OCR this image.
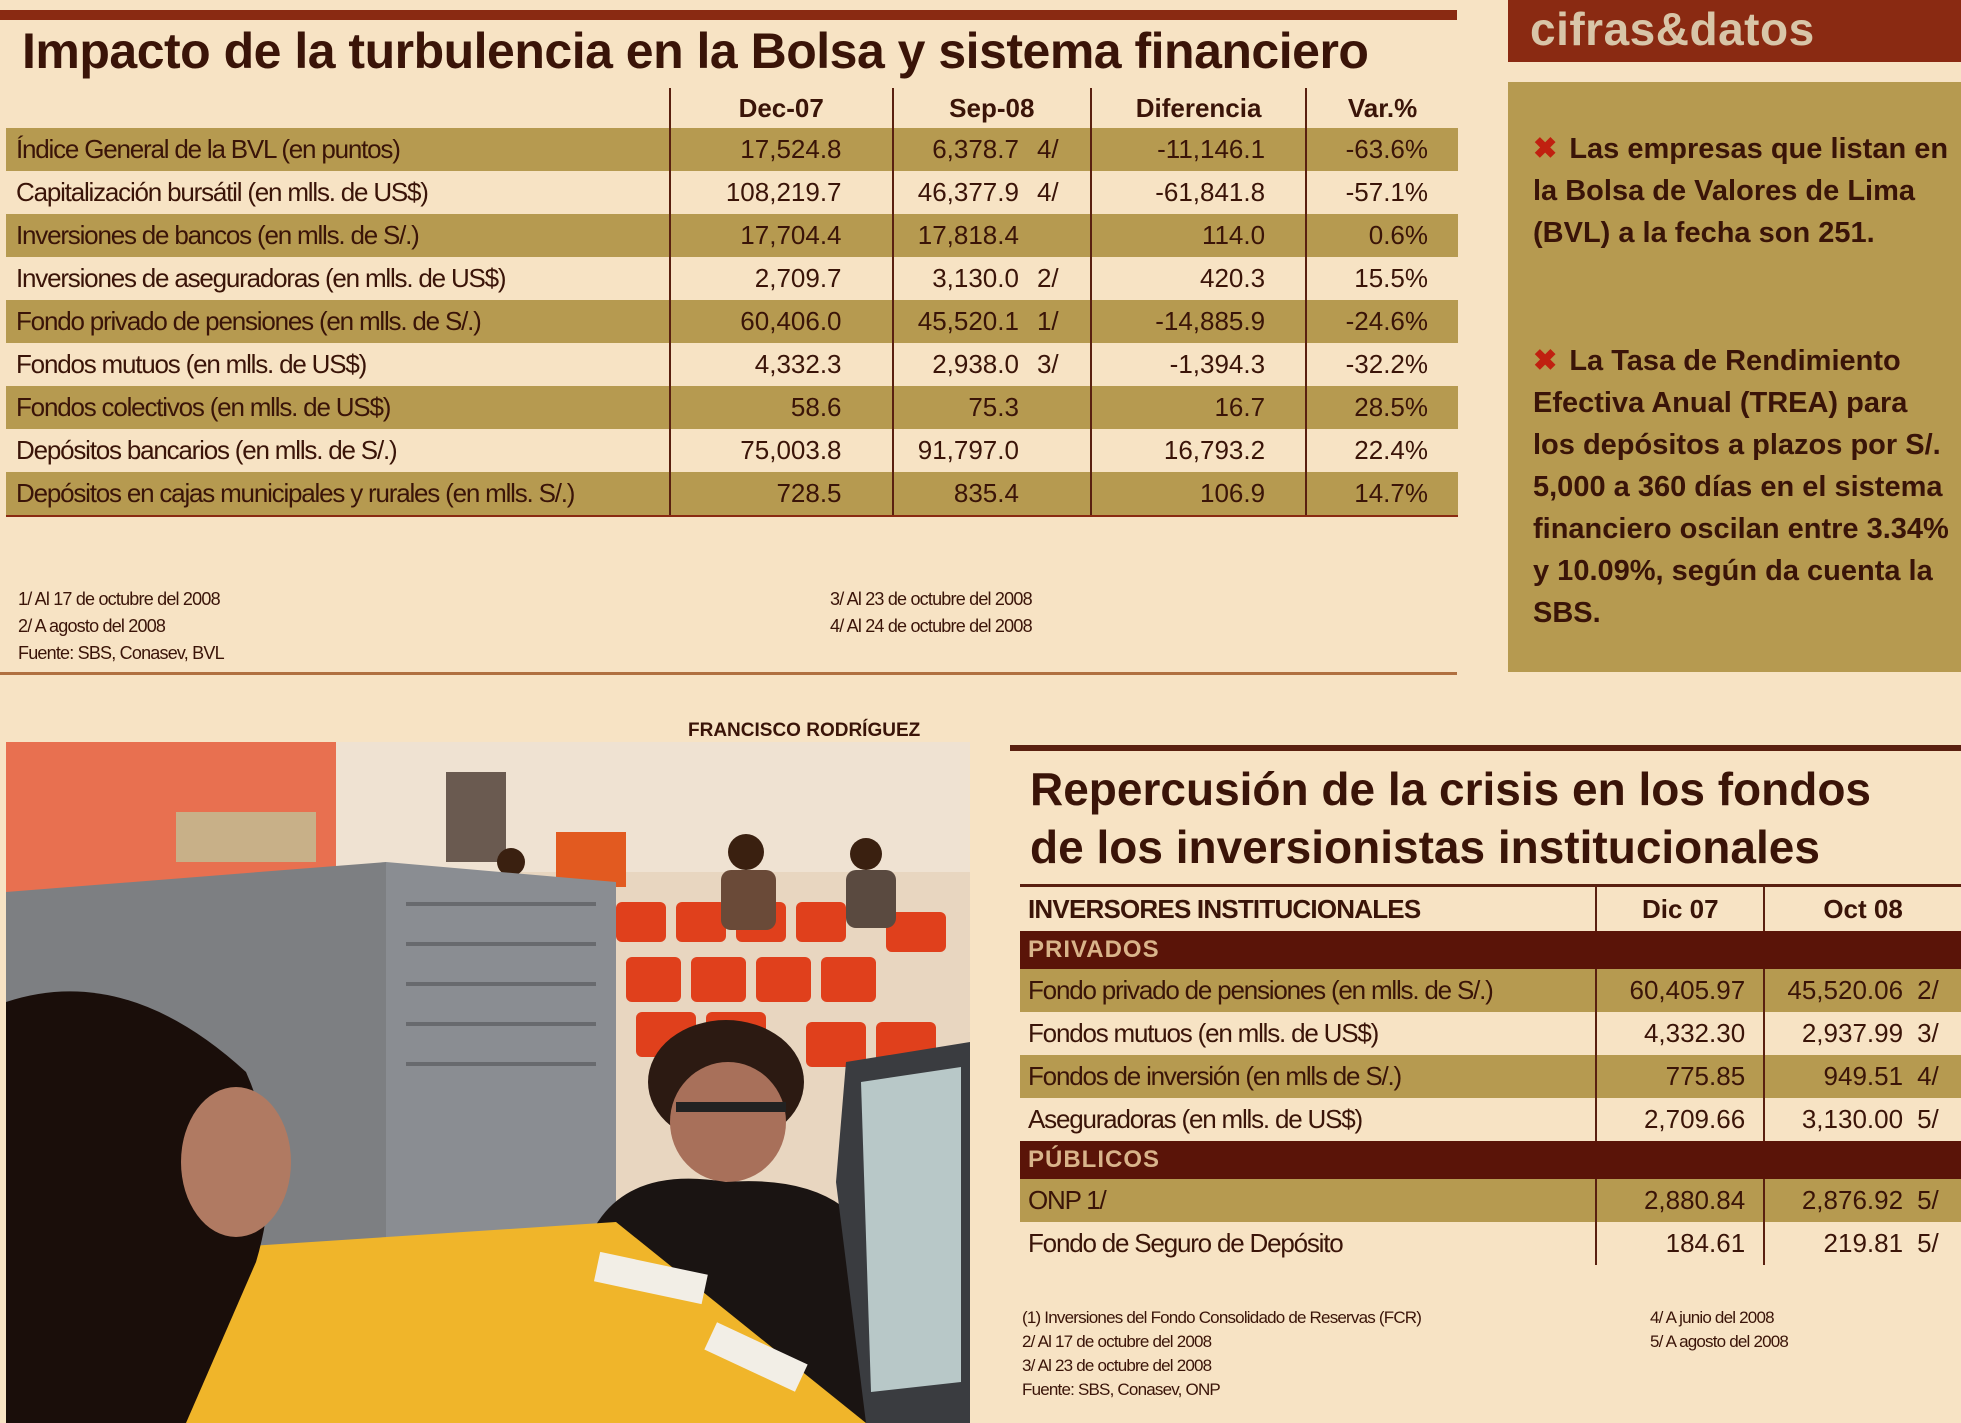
Impacto de la turbulencia en la Bolsa y sistema financiero
	Dec-07	Sep-08		Diferencia	Var.%
Índice General de la BVL (en puntos)	17,524.8	6,378.7	4/	-11,146.1	-63.6%
Capitalización bursátil (en mlls. de US$)	108,219.7	46,377.9	4/	-61,841.8	-57.1%
Inversiones de bancos (en mlls. de S/.)	17,704.4	17,818.4		114.0	0.6%
Inversiones de aseguradoras (en mlls. de US$)	2,709.7	3,130.0	2/	420.3	15.5%
Fondo privado de pensiones (en mlls. de S/.)	60,406.0	45,520.1	1/	-14,885.9	-24.6%
Fondos mutuos (en mlls. de US$)	4,332.3	2,938.0	3/	-1,394.3	-32.2%
Fondos colectivos (en mlls. de US$)	58.6	75.3		16.7	28.5%
Depósitos bancarios (en mlls. de S/.)	75,003.8	91,797.0		16,793.2	22.4%
Depósitos en cajas municipales y rurales (en mlls. S/.)	728.5	835.4		106.9	14.7%
1/ Al 17 de octubre del 2008
2/ A agosto del 2008
Fuente: SBS, Conasev, BVL
3/ Al 23 de octubre del 2008
4/ Al 24 de octubre del 2008
cifras&datos
✖ Las empresas que listan en la Bolsa de Valores de Lima (BVL) a la fecha son 251.
✖ La Tasa de Rendimiento Efectiva Anual (TREA) para los depósitos a plazos por S/. 5,000 a 360 días en el sistema financiero oscilan entre 3.34% y 10.09%, según da cuenta la SBS.
FRANCISCO RODRÍGUEZ
Repercusión de la crisis en los fondos
de los inversionistas institucionales
INVERSORES INSTITUCIONALES	Dic 07	Oct 08	
PRIVADOS			
Fondo privado de pensiones (en mlls. de S/.)	60,405.97	45,520.06	2/
Fondos mutuos (en mlls. de US$)	4,332.30	2,937.99	3/
Fondos de inversión (en mlls de S/.)	775.85	949.51	4/
Aseguradoras (en mlls. de US$)	2,709.66	3,130.00	5/
PÚBLICOS			
ONP 1/	2,880.84	2,876.92	5/
Fondo de Seguro de Depósito	184.61	219.81	5/
(1) Inversiones del Fondo Consolidado de Reservas (FCR)
2/ Al 17 de octubre del 2008
3/ Al 23 de octubre del 2008
Fuente: SBS, Conasev, ONP
4/ A junio del 2008
5/ A agosto del 2008
